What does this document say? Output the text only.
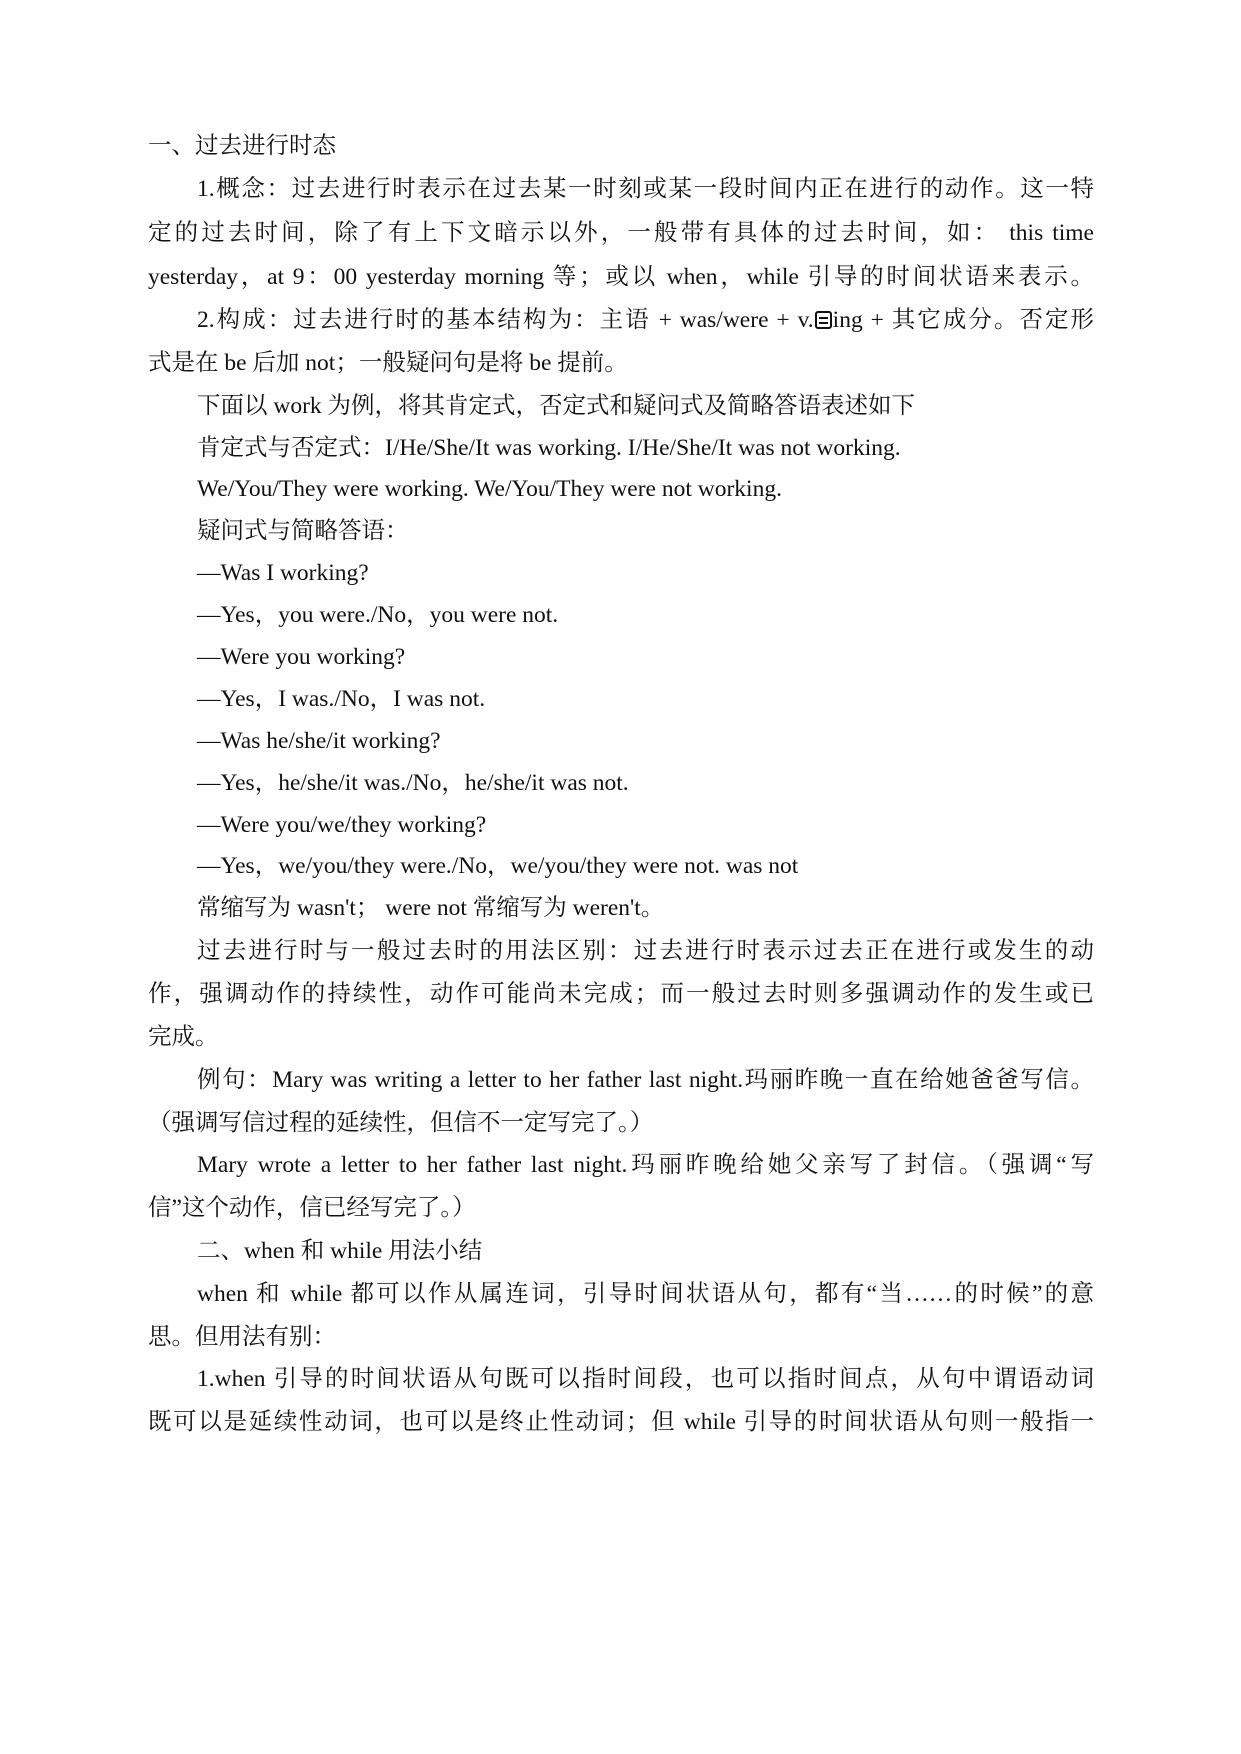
一、过去进行时态
1.概念：过去进行时表示在过去某一时刻或某一段时间内正在进行的动作。这一特
定的过去时间，除了有上下文暗示以外，一般带有具体的过去时间，如： this time
yesterday，at 9：00 yesterday morning 等；或以 when，while 引导的时间状语来表示。
2.构成：过去进行时的基本结构为：主语 + was/were + v. ing + 其它成分。否定形
式是在 be 后加 not；一般疑问句是将 be 提前。
下面以 work 为例，将其肯定式，否定式和疑问式及简略答语表述如下
肯定式与否定式：I/He/She/It was working. I/He/She/It was not working.
We/You/They were working. We/You/They were not working.
疑问式与简略答语：
—Was I working?
—Yes，you were./No，you were not.
—Were you working?
—Yes，I was./No，I was not.
—Was he/she/it working?
—Yes，he/she/it was./No，he/she/it was not.
—Were you/we/they working?
—Yes，we/you/they were./No，we/you/they were not. was not
常缩写为 wasn't； were not 常缩写为 weren't。
过去进行时与一般过去时的用法区别：过去进行时表示过去正在进行或发生的动
作，强调动作的持续性，动作可能尚未完成；而一般过去时则多强调动作的发生或已
完成。
例句：Mary was writing a letter to her father last night.玛丽昨晚一直在给她爸爸写信。
（强调写信过程的延续性，但信不一定写完了。）
Mary wrote a letter to her father last night.玛丽昨晚给她父亲写了封信。（强调“写
信”这个动作，信已经写完了。）
二、when 和 while 用法小结
when 和 while 都可以作从属连词，引导时间状语从句，都有“当……的时候”的意
思。但用法有别：
1.when 引导的时间状语从句既可以指时间段，也可以指时间点，从句中谓语动词
既可以是延续性动词，也可以是终止性动词；但 while 引导的时间状语从句则一般指一
